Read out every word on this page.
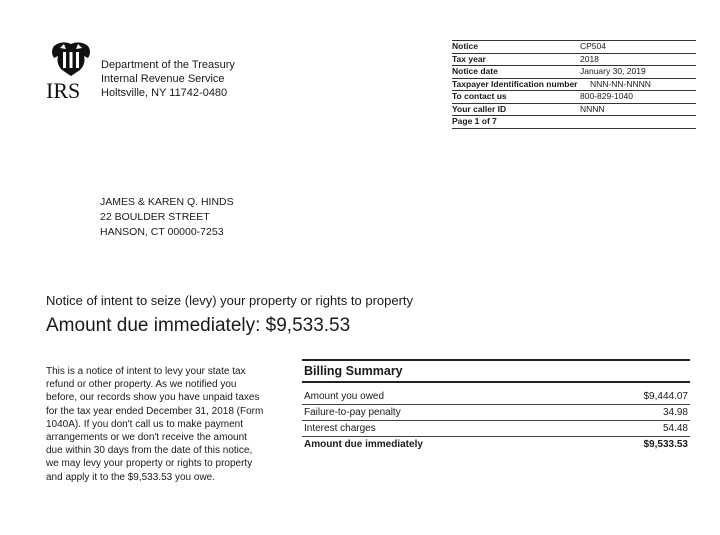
IRS
Department of the Treasury
Internal Revenue Service
Holtsville, NY 11742-0480
Notice	CP504
Tax year	2018
Notice date	January 30, 2019
Taxpayer Identification number	NNN-NN-NNNN
To contact us	800-829-1040
Your caller ID	NNNN
Page 1 of 7
JAMES & KAREN Q. HINDS
22 BOULDER STREET
HANSON, CT 00000-7253
Notice of intent to seize (levy) your property or rights to property
Amount due immediately: $9,533.53
This is a notice of intent to levy your state tax refund or other property. As we notified you before, our records show you have unpaid taxes for the tax year ended December 31, 2018 (Form 1040A). If you don't call us to make payment arrangements or we don't receive the amount due within 30 days from the date of this notice, we may levy your property or rights to property and apply it to the $9,533.53 you owe.
Billing Summary
Amount you owed	$9,444.07
Failure-to-pay penalty	34.98
Interest charges	54.48
Amount due immediately	$9,533.53
